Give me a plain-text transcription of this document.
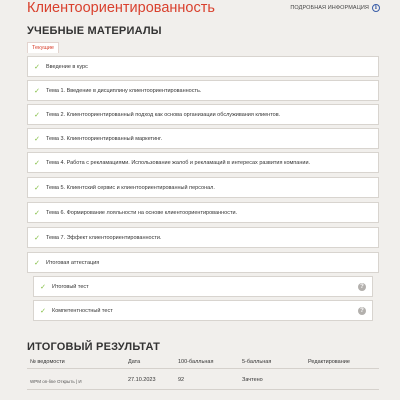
Клиентоориентированность	ПОДРОБНАЯ ИНФОРМАЦИЯ i
УЧЕБНЫЕ МАТЕРИАЛЫ
Текущие
✓	Введение в курс
✓	Тема 1. Введение в дисциплину клиентоориентированность.
✓	Тема 2. Клиентоориентированный подход как основа организации обслуживания клиентов.
✓	Тема 3. Клиентоориентированный маркетинг.
✓	Тема 4. Работа с рекламациями. Использование жалоб и рекламаций в интересах развития компании.
✓	Тема 5. Клиентский сервис и клиентоориентированный персонал.
✓	Тема 6. Формирование лояльности на основе клиентоориентированности.
✓	Тема 7. Эффект клиентоориентированности.
✓	Итоговая аттестация
✓	Итоговый тест	?
✓	Компетентностный тест	?
ИТОГОВЫЙ РЕЗУЛЬТАТ
№ ведомости	Дата	100-балльная	5-балльная	Редактирование
WPM on-line Открыть | И	27.10.2023	92	Зачтено
